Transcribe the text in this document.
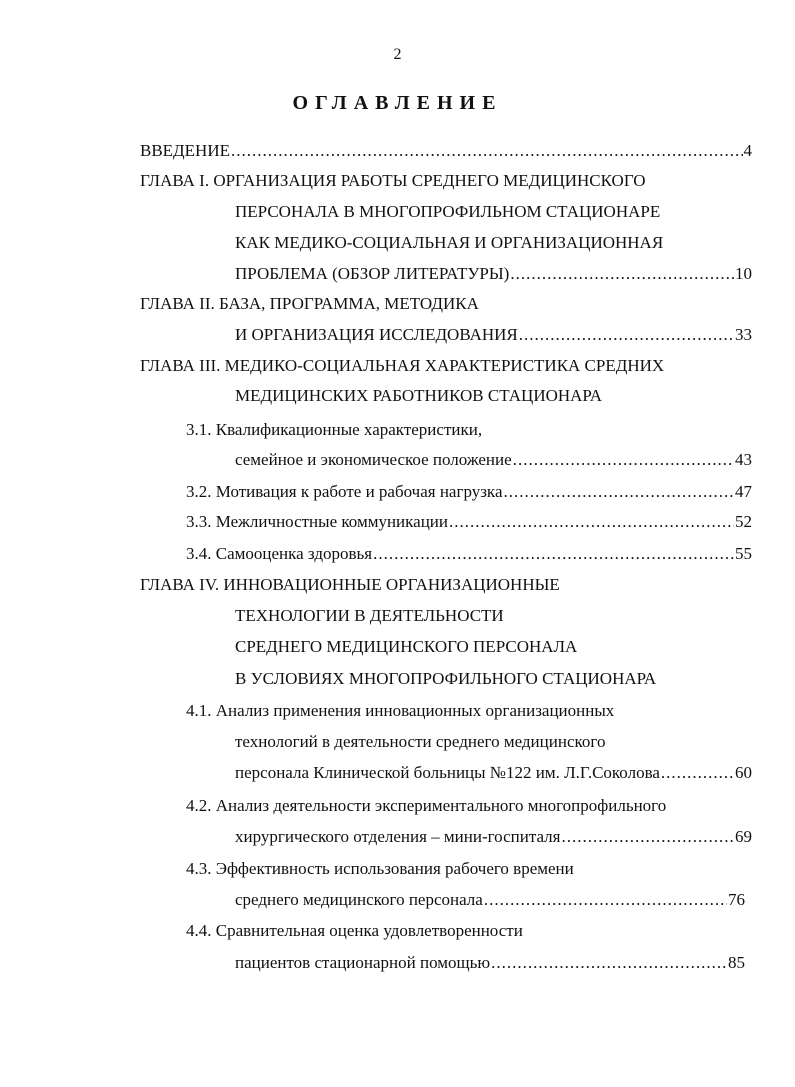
2
ОГЛАВЛЕНИЕ
ВВЕДЕНИЕ .....	4
ГЛАВА I. ОРГАНИЗАЦИЯ РАБОТЫ СРЕДНЕГО МЕДИЦИНСКОГО
ПЕРСОНАЛА В МНОГОПРОФИЛЬНОМ СТАЦИОНАРЕ
КАК МЕДИКО-СОЦИАЛЬНАЯ И ОРГАНИЗАЦИОННАЯ
ПРОБЛЕМА (ОБЗОР ЛИТЕРАТУРЫ) .....	10
ГЛАВА II. БАЗА, ПРОГРАММА, МЕТОДИКА
И ОРГАНИЗАЦИЯ ИССЛЕДОВАНИЯ .....	33
ГЛАВА III. МЕДИКО-СОЦИАЛЬНАЯ ХАРАКТЕРИСТИКА СРЕДНИХ
МЕДИЦИНСКИХ РАБОТНИКОВ СТАЦИОНАРА
3.1. Квалификационные характеристики,
семейное и экономическое положение .....	43
3.2. Мотивация к работе и рабочая нагрузка .....	47
3.3. Межличностные коммуникации .....	52
3.4. Самооценка здоровья .....	55
ГЛАВА IV. ИННОВАЦИОННЫЕ ОРГАНИЗАЦИОННЫЕ
ТЕХНОЛОГИИ В ДЕЯТЕЛЬНОСТИ
СРЕДНЕГО МЕДИЦИНСКОГО ПЕРСОНАЛА
В УСЛОВИЯХ МНОГОПРОФИЛЬНОГО СТАЦИОНАРА
4.1. Анализ применения инновационных организационных
технологий в деятельности среднего медицинского
персонала Клинической больницы №122 им. Л.Г.Соколова .....	60
4.2. Анализ деятельности экспериментального многопрофильного
хирургического отделения – мини-госпиталя .....	69
4.3. Эффективность использования рабочего времени
среднего медицинского персонала .....	76
4.4. Сравнительная оценка удовлетворенности
пациентов стационарной помощью .....	85
